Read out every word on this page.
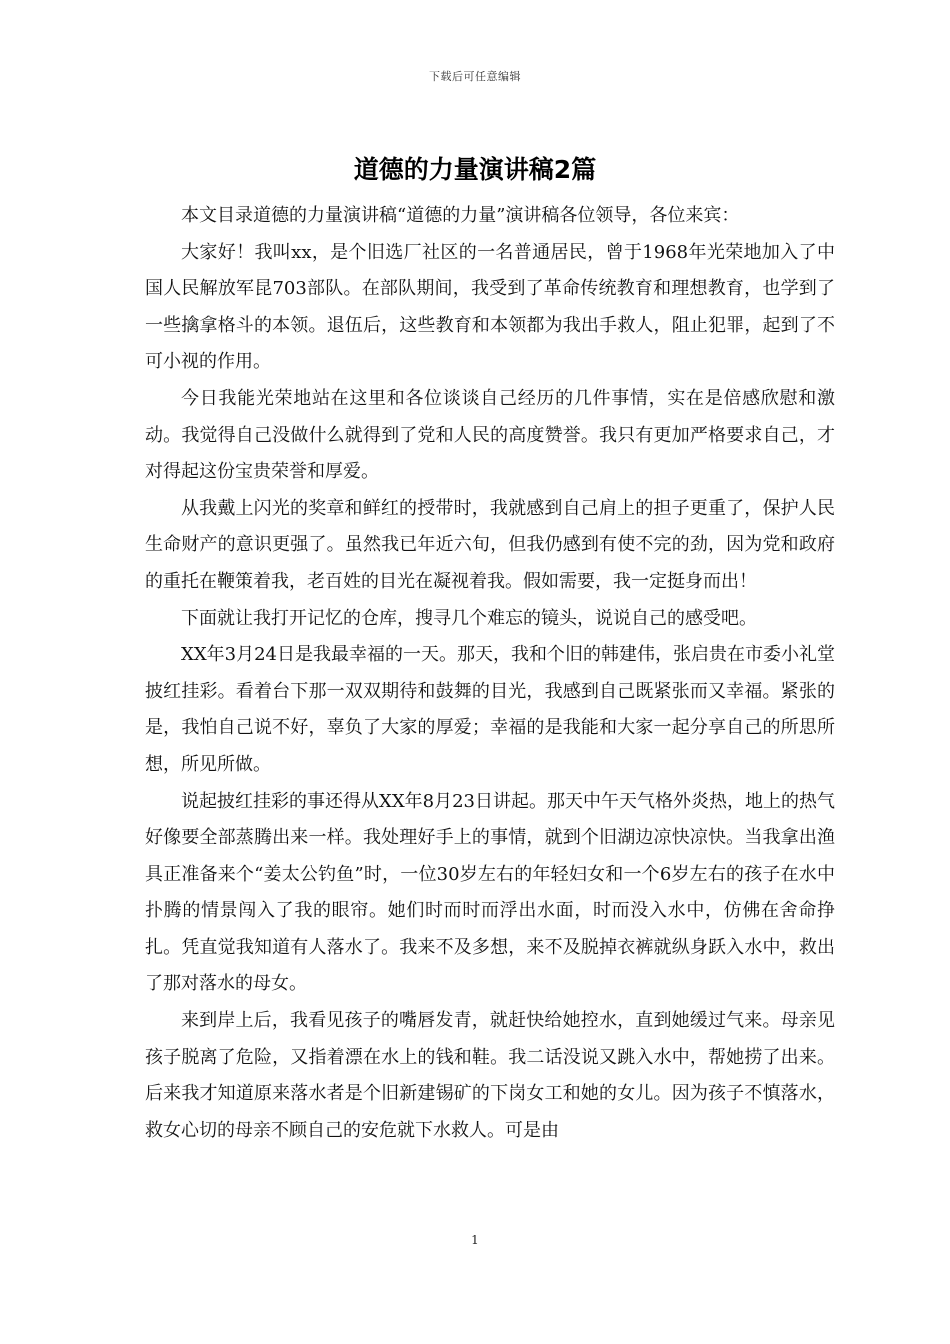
下载后可任意编辑
道德的力量演讲稿2篇

本文目录道德的力量演讲稿“道德的力量”演讲稿各位领导，各位来宾：

大家好！我叫xx，是个旧选厂社区的一名普通居民，曾于1968年光荣地加入了中国人民解放军昆703部队。在部队期间，我受到了革命传统教育和理想教育，也学到了一些擒拿格斗的本领。退伍后，这些教育和本领都为我出手救人，阻止犯罪，起到了不可小视的作用。

今日我能光荣地站在这里和各位谈谈自己经历的几件事情，实在是倍感欣慰和激动。我觉得自己没做什么就得到了党和人民的高度赞誉。我只有更加严格要求自己，才对得起这份宝贵荣誉和厚爱。

从我戴上闪光的奖章和鲜红的授带时，我就感到自己肩上的担子更重了，保护人民生命财产的意识更强了。虽然我已年近六旬，但我仍感到有使不完的劲，因为党和政府的重托在鞭策着我，老百姓的目光在凝视着我。假如需要，我一定挺身而出！

下面就让我打开记忆的仓库，搜寻几个难忘的镜头，说说自己的感受吧。

XX年3月24日是我最幸福的一天。那天，我和个旧的韩建伟，张启贵在市委小礼堂披红挂彩。看着台下那一双双期待和鼓舞的目光，我感到自己既紧张而又幸福。紧张的是，我怕自己说不好，辜负了大家的厚爱；幸福的是我能和大家一起分享自己的所思所想，所见所做。

说起披红挂彩的事还得从XX年8月23日讲起。那天中午天气格外炎热，地上的热气好像要全部蒸腾出来一样。我处理好手上的事情，就到个旧湖边凉快凉快。当我拿出渔具正准备来个“姜太公钓鱼”时，一位30岁左右的年轻妇女和一个6岁左右的孩子在水中扑腾的情景闯入了我的眼帘。她们时而时而浮出水面，时而没入水中，仿佛在舍命挣扎。凭直觉我知道有人落水了。我来不及多想，来不及脱掉衣裤就纵身跃入水中，救出了那对落水的母女。

来到岸上后，我看见孩子的嘴唇发青，就赶快给她控水，直到她缓过气来。母亲见孩子脱离了危险，又指着漂在水上的钱和鞋。我二话没说又跳入水中，帮她捞了出来。后来我才知道原来落水者是个旧新建锡矿的下岗女工和她的女儿。因为孩子不慎落水，救女心切的母亲不顾自己的安危就下水救人。可是由

1
